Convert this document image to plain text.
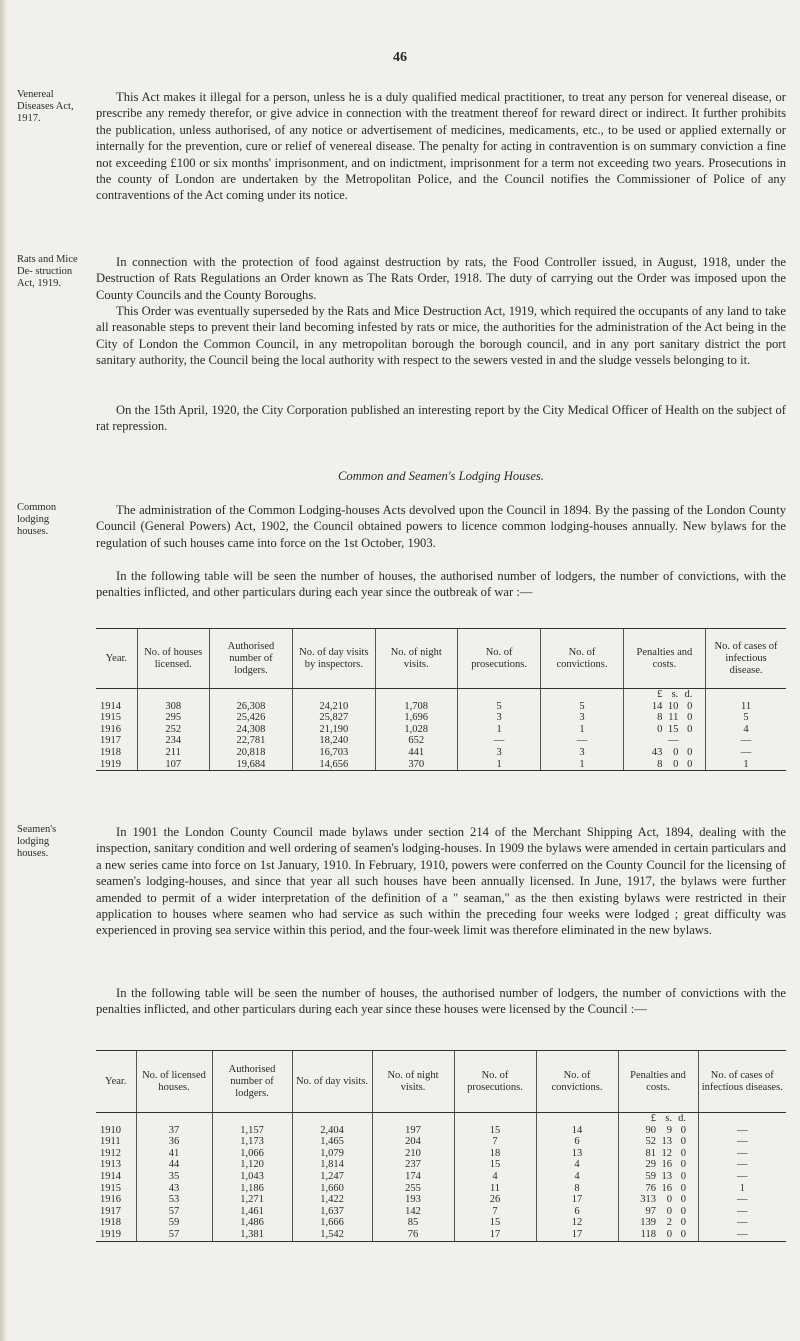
46
Venereal Diseases Act, 1917.

This Act makes it illegal for a person, unless he is a duly qualified medical practitioner, to treat any person for venereal disease, or prescribe any remedy therefor, or give advice in connection with the treatment thereof for reward direct or indirect. It further prohibits the publication, unless authorised, of any notice or advertisement of medicines, medicaments, etc., to be used or applied externally or internally for the prevention, cure or relief of venereal disease. The penalty for acting in contravention is on summary conviction a fine not exceeding £100 or six months' imprisonment, and on indictment, imprisonment for a term not exceeding two years. Prosecutions in the county of London are undertaken by the Metropolitan Police, and the Council notifies the Commissioner of Police of any contraventions of the Act coming under its notice.

Rats and Mice De- struction Act, 1919.

In connection with the protection of food against destruction by rats, the Food Controller issued, in August, 1918, under the Destruction of Rats Regulations an Order known as The Rats Order, 1918. The duty of carrying out the Order was imposed upon the County Councils and the County Boroughs.

This Order was eventually superseded by the Rats and Mice Destruction Act, 1919, which required the occupants of any land to take all reasonable steps to prevent their land becoming infested by rats or mice, the authorities for the administration of the Act being in the City of London the Common Council, in any metropolitan borough the borough council, and in any port sanitary district the port sanitary authority, the Council being the local authority with respect to the sewers vested in and the sludge vessels belonging to it.

On the 15th April, 1920, the City Corporation published an interesting report by the City Medical Officer of Health on the subject of rat repression.

Common and Seamen's Lodging Houses.
Common lodging houses.

The administration of the Common Lodging-houses Acts devolved upon the Council in 1894. By the passing of the London County Council (General Powers) Act, 1902, the Council obtained powers to licence common lodging-houses annually. New bylaws for the regulation of such houses came into force on the 1st October, 1903.

In the following table will be seen the number of houses, the authorised number of lodgers, the number of convictions, with the penalties inflicted, and other particulars during each year since the outbreak of war :—

Year.	No. of houses licensed.	Authorised number of lodgers.	No. of day visits by inspectors.	No. of night visits.	No. of prosecutions.	No. of convictions.	Penalties and costs.	No. of cases of infectious disease.
							£ s. d.	
1914	308	26,308	24,210	1,708	5	5	14 10 0	11
1915	295	25,426	25,827	1,696	3	3	8 11 0	5
1916	252	24,308	21,190	1,028	1	1	0 15 0	4
1917	234	22,781	18,240	652	—	—	—	—
1918	211	20,818	16,703	441	3	3	43 0 0	—
1919	107	19,684	14,656	370	1	1	8 0 0	1
Seamen's lodging houses.

In 1901 the London County Council made bylaws under section 214 of the Merchant Shipping Act, 1894, dealing with the inspection, sanitary condition and well ordering of seamen's lodging-houses. In 1909 the bylaws were amended in certain particulars and a new series came into force on 1st January, 1910. In February, 1910, powers were conferred on the County Council for the licensing of seamen's lodging-houses, and since that year all such houses have been annually licensed. In June, 1917, the bylaws were further amended to permit of a wider interpretation of the definition of a " seaman," as the then existing bylaws were restricted in their application to houses where seamen who had service as such within the preceding four weeks were lodged ; great difficulty was experienced in proving sea service within this period, and the four-week limit was therefore eliminated in the new bylaws.

In the following table will be seen the number of houses, the authorised number of lodgers, the number of convictions with the penalties inflicted, and other particulars during each year since these houses were licensed by the Council :—

Year.	No. of licensed houses.	Authorised number of lodgers.	No. of day visits.	No. of night visits.	No. of prosecutions.	No. of convictions.	Penalties and costs.	No. of cases of infectious diseases.
							£ s. d.	
1910	37	1,157	2,404	197	15	14	90 9 0	—
1911	36	1,173	1,465	204	7	6	52 13 0	—
1912	41	1,066	1,079	210	18	13	81 12 0	—
1913	44	1,120	1,814	237	15	4	29 16 0	—
1914	35	1,043	1,247	174	4	4	59 13 0	—
1915	43	1,186	1,660	255	11	8	76 16 0	1
1916	53	1,271	1,422	193	26	17	313 0 0	—
1917	57	1,461	1,637	142	7	6	97 0 0	—
1918	59	1,486	1,666	85	15	12	139 2 0	—
1919	57	1,381	1,542	76	17	17	118 0 0	—
